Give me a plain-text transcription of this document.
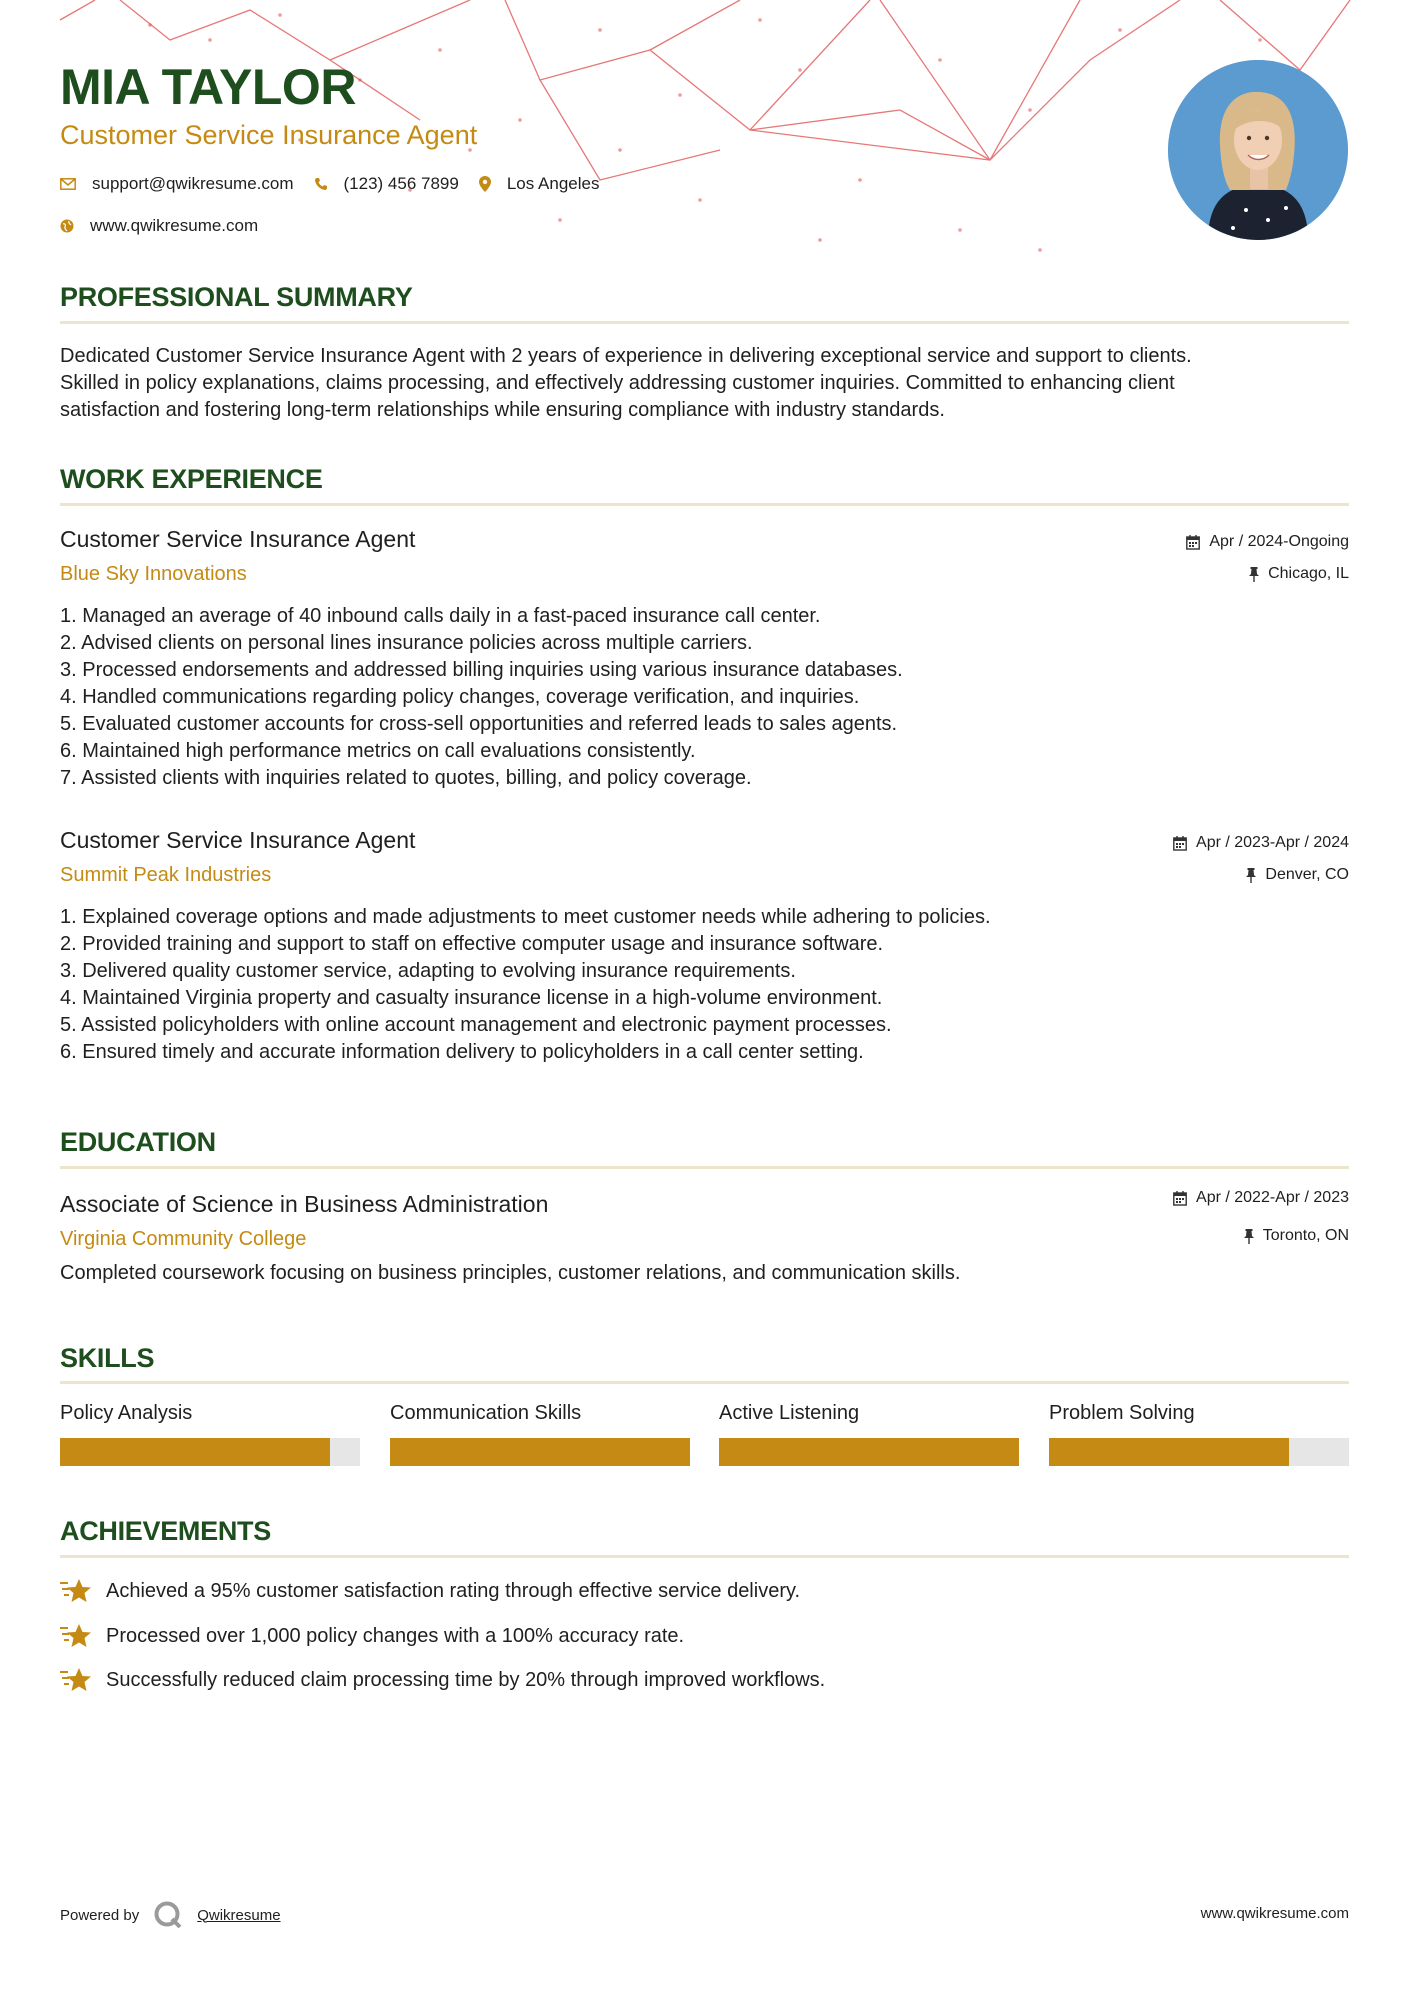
MIA TAYLOR
Customer Service Insurance Agent
support@qwikresume.com	(123) 456 7899	Los Angeles
www.qwikresume.com
PROFESSIONAL SUMMARY
Dedicated Customer Service Insurance Agent with 2 years of experience in delivering exceptional service and support to clients.
Skilled in policy explanations, claims processing, and effectively addressing customer inquiries. Committed to enhancing client
satisfaction and fostering long-term relationships while ensuring compliance with industry standards.
WORK EXPERIENCE
Customer Service Insurance Agent
Blue Sky Innovations
Apr / 2024-Ongoing
Chicago, IL
1. Managed an average of 40 inbound calls daily in a fast-paced insurance call center.
2. Advised clients on personal lines insurance policies across multiple carriers.
3. Processed endorsements and addressed billing inquiries using various insurance databases.
4. Handled communications regarding policy changes, coverage verification, and inquiries.
5. Evaluated customer accounts for cross-sell opportunities and referred leads to sales agents.
6. Maintained high performance metrics on call evaluations consistently.
7. Assisted clients with inquiries related to quotes, billing, and policy coverage.
Customer Service Insurance Agent
Summit Peak Industries
Apr / 2023-Apr / 2024
Denver, CO
1. Explained coverage options and made adjustments to meet customer needs while adhering to policies.
2. Provided training and support to staff on effective computer usage and insurance software.
3. Delivered quality customer service, adapting to evolving insurance requirements.
4. Maintained Virginia property and casualty insurance license in a high-volume environment.
5. Assisted policyholders with online account management and electronic payment processes.
6. Ensured timely and accurate information delivery to policyholders in a call center setting.
EDUCATION
Associate of Science in Business Administration
Virginia Community College
Apr / 2022-Apr / 2023
Toronto, ON
Completed coursework focusing on business principles, customer relations, and communication skills.
SKILLS
Policy Analysis	Communication Skills	Active Listening	Problem Solving
ACHIEVEMENTS
Achieved a 95% customer satisfaction rating through effective service delivery.
Processed over 1,000 policy changes with a 100% accuracy rate.
Successfully reduced claim processing time by 20% through improved workflows.
Powered by	Qwikresume	www.qwikresume.com
